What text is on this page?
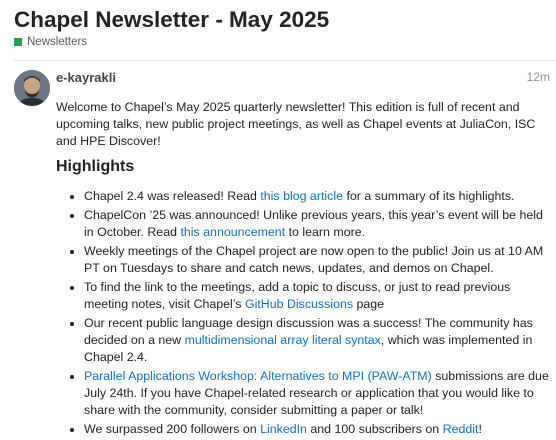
Chapel Newsletter - May 2025
Newsletters
e-kayrakli	12m

Welcome to Chapel’s May 2025 quarterly newsletter! This edition is full of recent and upcoming talks, new public project meetings, as well as Chapel events at JuliaCon, ISC and HPE Discover!

Highlights
• Chapel 2.4 was released! Read this blog article for a summary of its highlights.
• ChapelCon ’25 was announced! Unlike previous years, this year’s event will be held in October. Read this announcement to learn more.
• Weekly meetings of the Chapel project are now open to the public! Join us at 10 AM PT on Tuesdays to share and catch news, updates, and demos on Chapel.
• To find the link to the meetings, add a topic to discuss, or just to read previous meeting notes, visit Chapel’s GitHub Discussions page
• Our recent public language design discussion was a success! The community has decided on a new multidimensional array literal syntax, which was implemented in Chapel 2.4.
• Parallel Applications Workshop: Alternatives to MPI (PAW-ATM) submissions are due July 24th. If you have Chapel-related research or application that you would like to share with the community, consider submitting a paper or talk!
• We surpassed 200 followers on LinkedIn and 100 subscribers on Reddit!
